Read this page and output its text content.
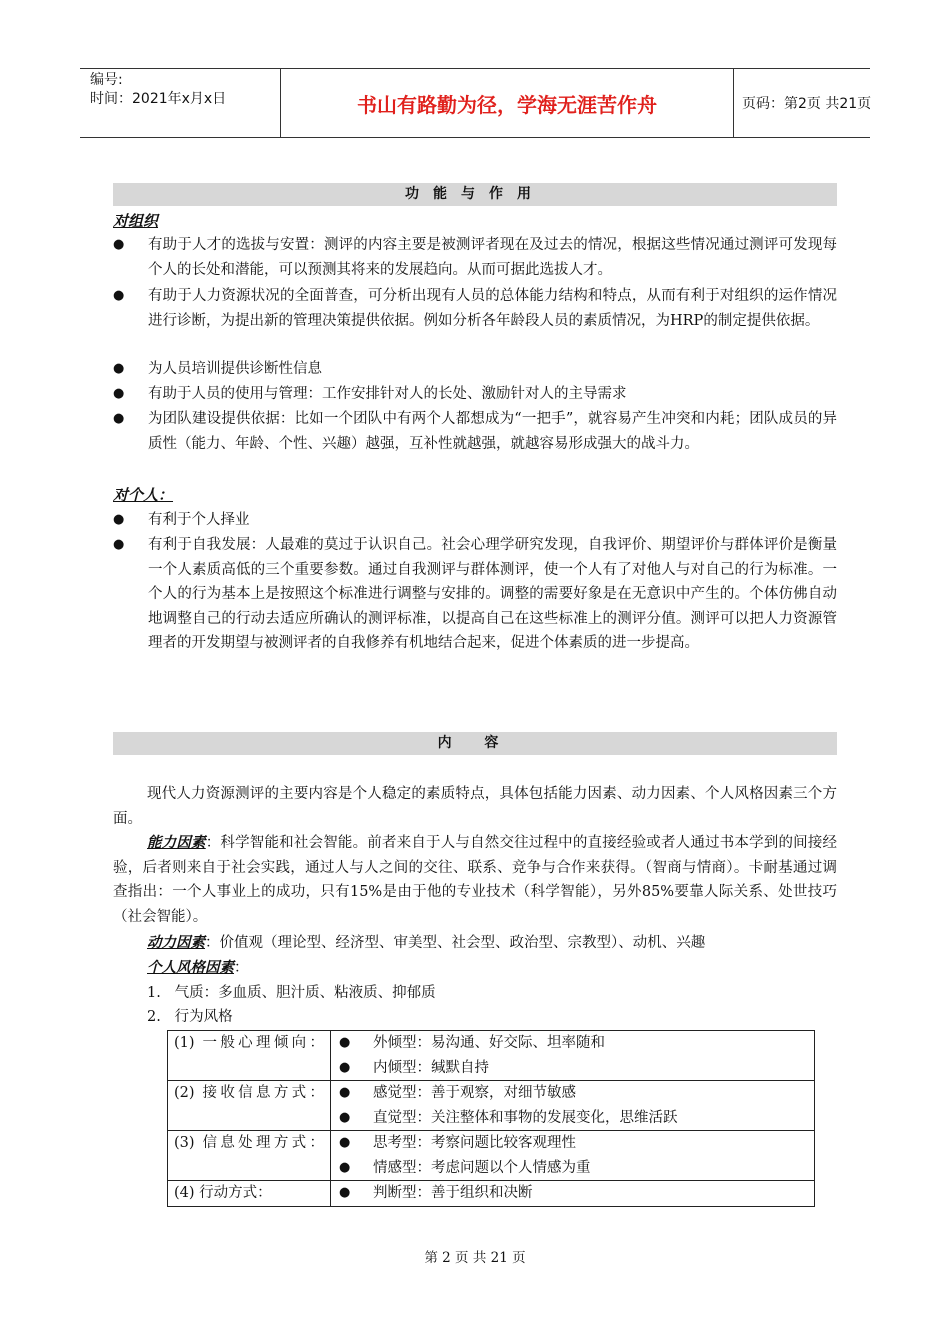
编号:
时间：2021年x月x日	书山有路勤为径，学海无涯苦作舟	页码：第2页 共21页
功能与作用
对组织
● 有助于人才的选拔与安置：测评的内容主要是被测评者现在及过去的情况，根据这些情况通过测评可发现每个人的长处和潜能，可以预测其将来的发展趋向。从而可据此选拔人才。
● 有助于人力资源状况的全面普查，可分析出现有人员的总体能力结构和特点，从而有利于对组织的运作情况进行诊断，为提出新的管理决策提供依据。例如分析各年龄段人员的素质情况，为HRP的制定提供依据。
● 为人员培训提供诊断性信息
● 有助于人员的使用与管理：工作安排针对人的长处、激励针对人的主导需求
● 为团队建设提供依据：比如一个团队中有两个人都想成为“一把手”，就容易产生冲突和内耗；团队成员的异质性（能力、年龄、个性、兴趣）越强，互补性就越强，就越容易形成强大的战斗力。
对个人：
● 有利于个人择业
● 有利于自我发展：人最难的莫过于认识自己。社会心理学研究发现，自我评价、期望评价与群体评价是衡量一个人素质高低的三个重要参数。通过自我测评与群体测评，使一个人有了对他人与对自己的行为标准。一个人的行为基本上是按照这个标准进行调整与安排的。调整的需要好象是在无意识中产生的。个体仿佛自动地调整自己的行动去适应所确认的测评标准，以提高自己在这些标准上的测评分值。测评可以把人力资源管理者的开发期望与被测评者的自我修养有机地结合起来，促进个体素质的进一步提高。
内 容
现代人力资源测评的主要内容是个人稳定的素质特点，具体包括能力因素、动力因素、个人风格因素三个方面。
能力因素：科学智能和社会智能。前者来自于人与自然交往过程中的直接经验或者人通过书本学到的间接经验，后者则来自于社会实践，通过人与人之间的交往、联系、竞争与合作来获得。（智商与情商）。卡耐基通过调查指出：一个人事业上的成功，只有15%是由于他的专业技术（科学智能），另外85%要靠人际关系、处世技巧（社会智能）。
动力因素：价值观（理论型、经济型、审美型、社会型、政治型、宗教型）、动机、兴趣
个人风格因素：
1.   气质：多血质、胆汁质、粘液质、抑郁质
2.   行为风格
(1) 一般心理倾向：	● 外倾型：易沟通、好交际、坦率随和
● 内倾型：缄默自持

(2) 接收信息方式：	● 感觉型：善于观察，对细节敏感
● 直觉型：关注整体和事物的发展变化，思维活跃

(3) 信息处理方式：	● 思考型：考察问题比较客观理性
● 情感型：考虑问题以个人情感为重

(4) 行动方式：	● 判断型：善于组织和决断
第 2 页 共 21 页
